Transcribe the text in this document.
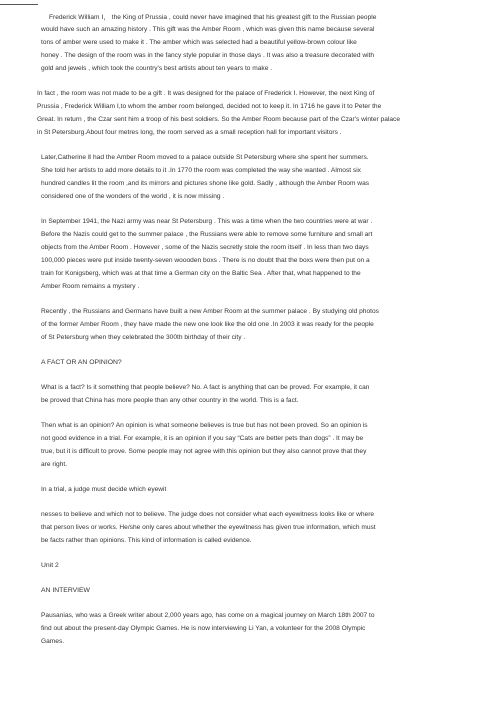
Frederick William Ⅰ， the King of Prussia , could never have imagined that his greatest gift to the Russian people
would have such an amazing history . This gift was the Amber Room , which was given this name because several
tons of amber were used to make it . The amber which was selected had a beautiful yellow-brown colour like
honey . The design of the room was in the fancy style popular in those days . It was also a treasure decorated with
gold and jewels , which took the country's best artists about ten years to make .
In fact , the room was not made to be a gift . It was designed for the palace of Frederick Ⅰ. However, the next King of
Prussia , Frederick William Ⅰ,to whom the amber room belonged, decided not to keep it. In 1716 he gave it to Peter the
Great. In return , the Czar sent him a troop of his best soldiers. So the Amber Room because part of the Czar's winter palace
in St Petersburg.About four metres long, the room served as a small reception hall for important visitors .
Later,Catherine Ⅱ had the Amber Room moved to a palace outside St Petersburg where she spent her summers.
She told her artists to add more details to it .In 1770 the room was completed the way she wanted . Almost six
hundred candles lit the room ,and its mirrors and pictures shone like gold. Sadly , although the Amber Room was
considered one of the wonders of the world , it is now missing .
In September 1941, the Nazi army was near St Petersburg . This was a time when the two countries were at war .
Before the Nazis could get to the summer palace , the Russians were able to remove some furniture and small art
objects from the Amber Room . However , some of the Nazis secretly stole the room itself . In less than two days
100,000 pieces were put inside twenty-seven woooden boxs . There is no doubt that the boxs were then put on a
train for Konigsberg, which was at that time a German city on the Baltic Sea . After that, what happened to the
Amber Room remains a mystery .
Recently , the Russians and Germans have built a new Amber Room at the summer palace . By studying old photos
of the former Amber Room , they have made the new one look like the old one .In 2003 it was ready for the people
of St Petersburg when they celebrated the 300th birthday of their city .
A FACT OR AN OPINION?
What is a fact? Is it something that people believe? No. A fact is anything that can be proved. For example, it can
be proved that China has more people than any other country in the world. This is a fact.
Then what is an opinion? An opinion is what someone believes is true but has not been proved. So an opinion is
not good evidence in a trial. For example, it is an opinion if you say “Cats are better pets than dogs” . It may be
true, but it is difficult to prove. Some people may not agree with this opinion but they also cannot prove that they
are right.
In a trial, a judge must decide which eyewit
nesses to believe and which not to believe. The judge does not consider what each eyewitness looks like or where
that person lives or works. He/she only cares about whether the eyewitness has given true information, which must
be facts rather than opinions. This kind of information is called evidence.
Unit 2
AN INTERVIEW
Pausanias, who was a Greek writer about 2,000 years ago, has come on a magical journey on March 18th 2007 to
find out about the present-day Olympic Games. He is now interviewing Li Yan, a volunteer for the 2008 Olympic
Games.
